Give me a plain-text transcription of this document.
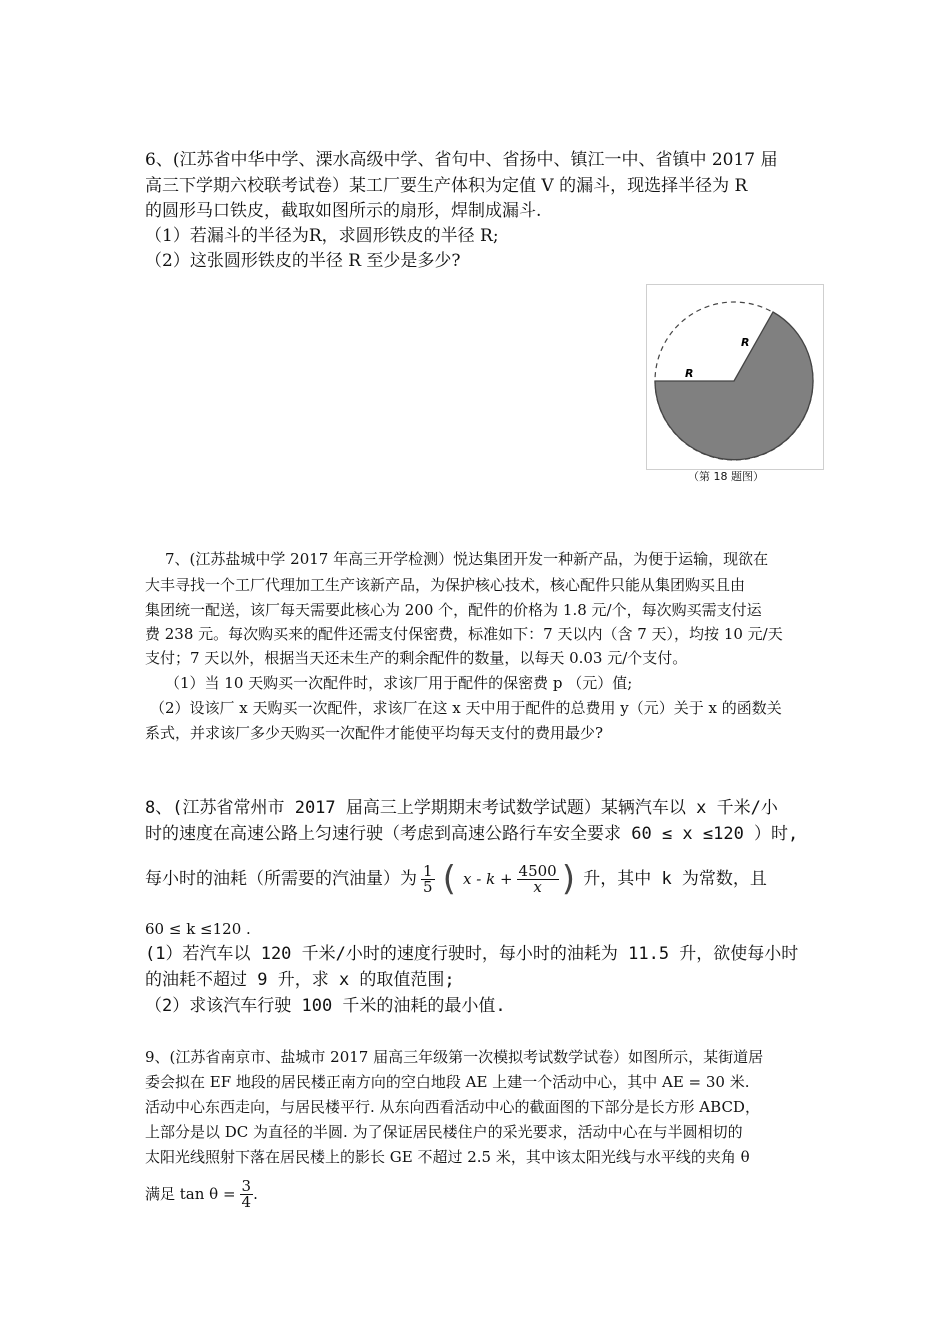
6、(江苏省中华中学、溧水高级中学、省句中、省扬中、镇江一中、省镇中 2017 届
高三下学期六校联考试卷）某工厂要生产体积为定值 V 的漏斗，现选择半径为 R
的圆形马口铁皮，截取如图所示的扇形，焊制成漏斗.
（1）若漏斗的半径为R，求圆形铁皮的半径 R;
（2）这张圆形铁皮的半径 R 至少是多少?
R
R
（第 18 题图）
7、(江苏盐城中学 2017 年高三开学检测）悦达集团开发一种新产品，为便于运输，现欲在
大丰寻找一个工厂代理加工生产该新产品，为保护核心技术，核心配件只能从集团购买且由
集团统一配送，该厂每天需要此核心为 200 个，配件的价格为 1.8 元/个，每次购买需支付运
费 238 元。每次购买来的配件还需支付保密费，标准如下：7 天以内（含 7 天），均按 10 元/天
支付；7 天以外，根据当天还未生产的剩余配件的数量，以每天 0.03 元/个支付。
（1）当 10 天购买一次配件时，求该厂用于配件的保密费 p （元）值;
（2）设该厂 x 天购买一次配件，求该厂在这 x 天中用于配件的总费用 y（元）关于 x 的函数关
系式，并求该厂多少天购买一次配件才能使平均每天支付的费用最少?
8、(江苏省常州市 2017 届高三上学期期末考试数学试题）某辆汽车以 x 千米/小
时的速度在高速公路上匀速行驶（考虑到高速公路行车安全要求 60 ≤ x ≤120 ）时,
每小时的油耗（所需要的汽油量）为 $\frac{1}{5}$ ( $x - k + \frac{4500}{x}$ ) 升，其中 k 为常数，且
60 ≤ k ≤120 .
(1）若汽车以 120 千米/小时的速度行驶时，每小时的油耗为 11.5 升，欲使每小时
的油耗不超过 9 升，求 x 的取值范围;
（2）求该汽车行驶 100 千米的油耗的最小值.
9、(江苏省南京市、盐城市 2017 届高三年级第一次模拟考试数学试卷）如图所示，某街道居
委会拟在 EF 地段的居民楼正南方向的空白地段 AE 上建一个活动中心，其中 AE = 30 米.
活动中心东西走向，与居民楼平行. 从东向西看活动中心的截面图的下部分是长方形 ABCD，
上部分是以 DC 为直径的半圆. 为了保证居民楼住户的采光要求，活动中心在与半圆相切的
太阳光线照射下落在居民楼上的影长 GE 不超过 2.5 米，其中该太阳光线与水平线的夹角 θ
满足 $\tan \theta = \frac{3}{4}$ .
